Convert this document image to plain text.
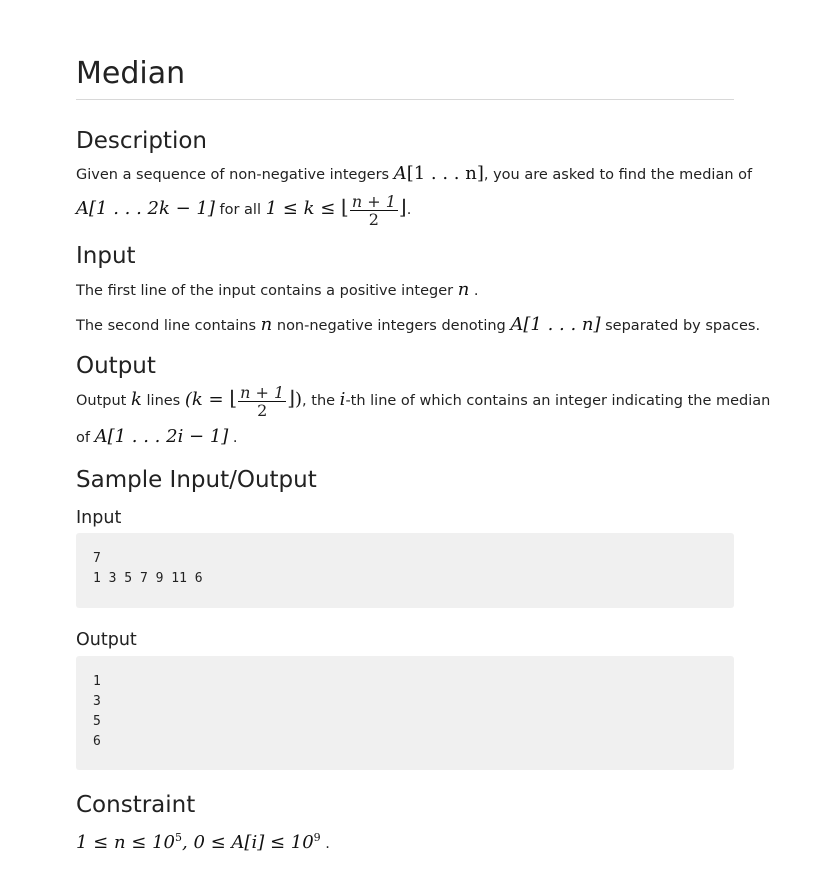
Median
Description

Given a sequence of non-negative integers A[1 . . . n], you are asked to find the median of

A[1 . . . 2k − 1] for all 1 ≤ k ≤ ⌊ $\frac{n + 1}{2}$ ⌋.

Input

The first line of the input contains a positive integer n .

The second line contains n non-negative integers denoting A[1 . . . n] separated by spaces.

Output

Output k lines (k = ⌊ $\frac{n + 1}{2}$ ⌋), the i-th line of which contains an integer indicating the median

of A[1 . . . 2i − 1] .

Sample Input/Output
Input
7
1 3 5 7 9 11 6
Output
1
3
5
6
Constraint

$1 \le n \le 10^5$, $0 \le A[i] \le 10^9$ .
